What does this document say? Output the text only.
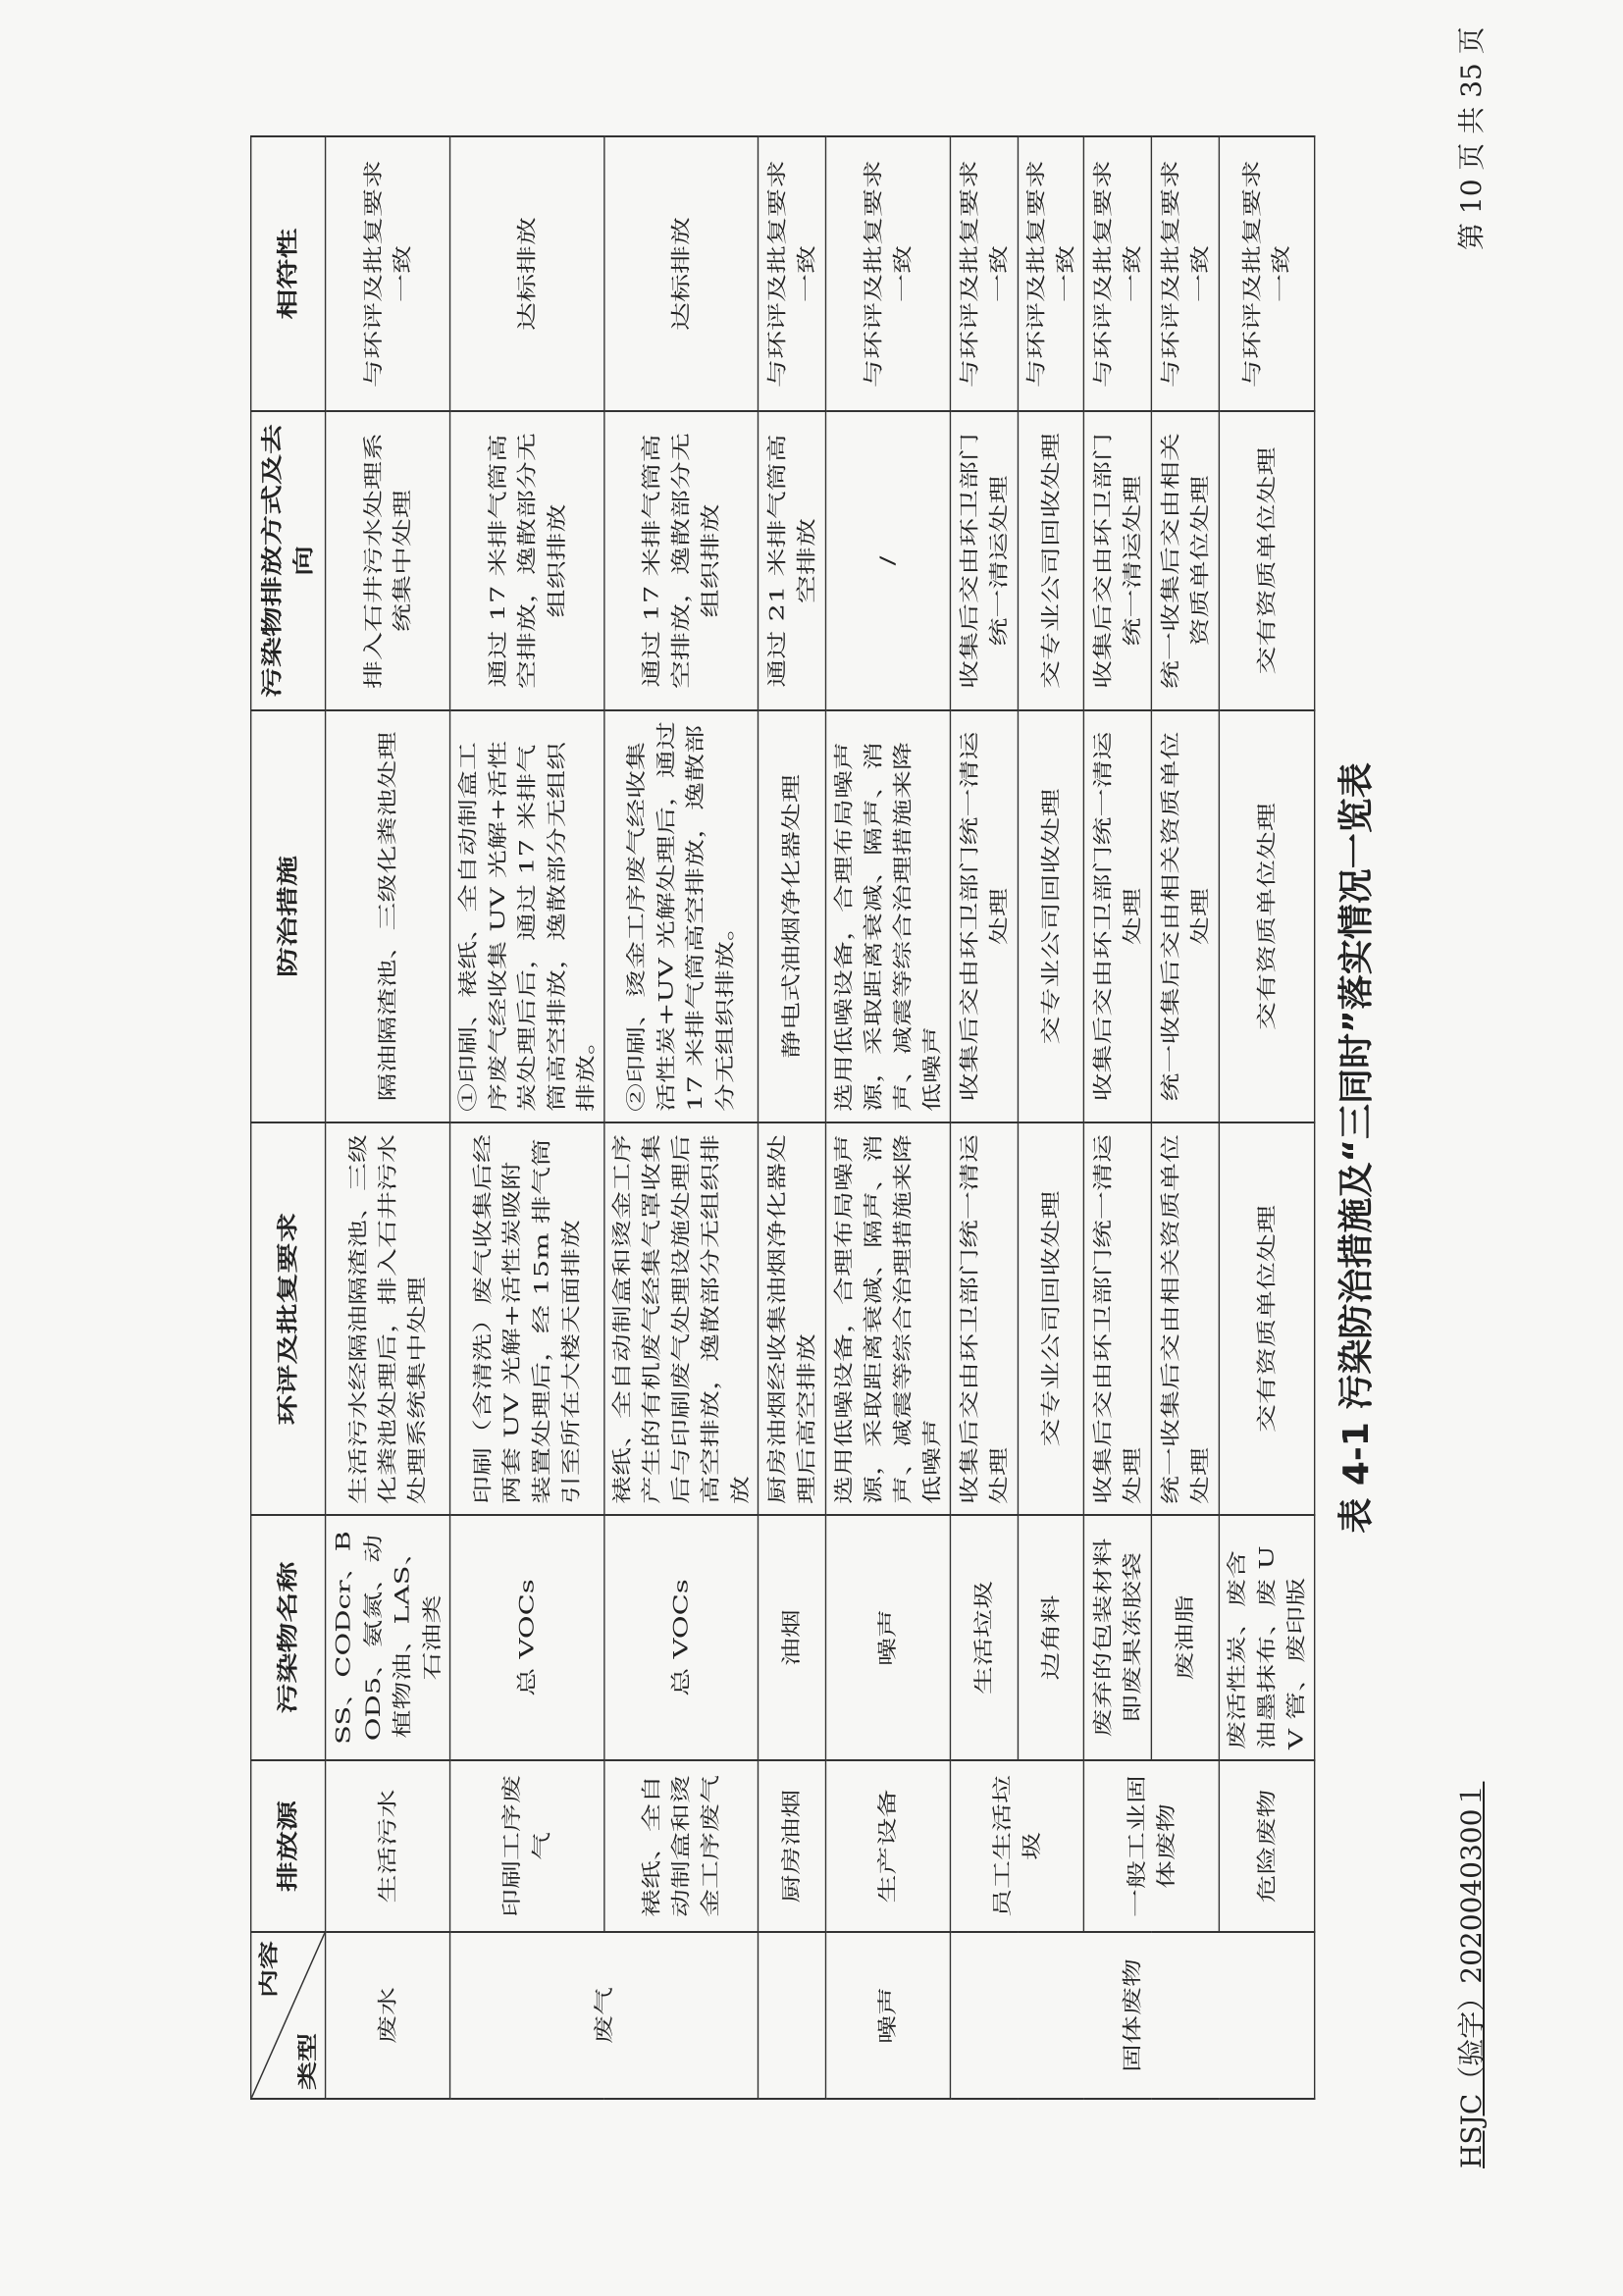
HSJC（验字）2020040300１
第 10 页 共 35 页
内容
类型	排放源	污染物名称	环评及批复要求	防治措施	污染物排放方式及去向	相符性
废水	生活污水	SS、CODcr、BOD5、氨氮、动植物油、LAS、石油类	生活污水经隔油隔渣池、三级化粪池处理后，排入石井污水处理系统集中处理	隔油隔渣池、三级化粪池处理	排入石井污水处理系统集中处理	与环评及批复要求一致
废气	印刷工序废气	总 VOCs	印刷（含清洗）废气收集后经两套 UV 光解+活性炭吸附装置处理后，经 15m 排气筒引至所在大楼天面排放	①印刷、裱纸、全自动制盒工序废气经收集 UV 光解+活性炭处理后后，通过 17 米排气筒高空排放，逸散部分无组织排放。	通过 17 米排气筒高空排放，逸散部分无组织排放	达标排放
	裱纸、全自动制盒和烫金工序废气	总 VOCs	裱纸、全自动制盒和烫金工序产生的有机废气经集气罩收集后与印刷废气处理设施处理后高空排放，逸散部分无组织排放	②印刷、烫金工序废气经收集活性炭+UV 光解处理后，通过 17 米排气筒高空排放，逸散部分无组织排放。	通过 17 米排气筒高空排放，逸散部分无组织排放	达标排放
	厨房油烟	油烟	厨房油烟经收集油烟净化器处理后高空排放	静电式油烟净化器处理	通过 21 米排气筒高空排放	与环评及批复要求一致
噪声	生产设备	噪声	选用低噪设备，合理布局噪声源，采取距离衰减、隔声、消声、减震等综合治理措施来降低噪声	选用低噪设备，合理布局噪声源，采取距离衰减、隔声、消声、减震等综合治理措施来降低噪声	/	与环评及批复要求一致
固体废物	员工生活垃圾	生活垃圾	收集后交由环卫部门统一清运处理	收集后交由环卫部门统一清运处理	收集后交由环卫部门统一清运处理	与环评及批复要求一致
		边角料	交专业公司回收处理	交专业公司回收处理	交专业公司回收处理	与环评及批复要求一致
	一般工业固体废物	废弃的包装材料即废果冻胶袋	收集后交由环卫部门统一清运处理	收集后交由环卫部门统一清运处理	收集后交由环卫部门统一清运处理	与环评及批复要求一致
		废油脂	统一收集后交由相关资质单位处理	统一收集后交由相关资质单位处理	统一收集后交由相关资质单位处理	与环评及批复要求一致
	危险废物	废活性炭、废含油墨抹布、废 UV 管、废印版	交有资质单位处理	交有资质单位处理	交有资质单位处理	与环评及批复要求一致
表 4-1 污染防治措施及“三同时”落实情况一览表
